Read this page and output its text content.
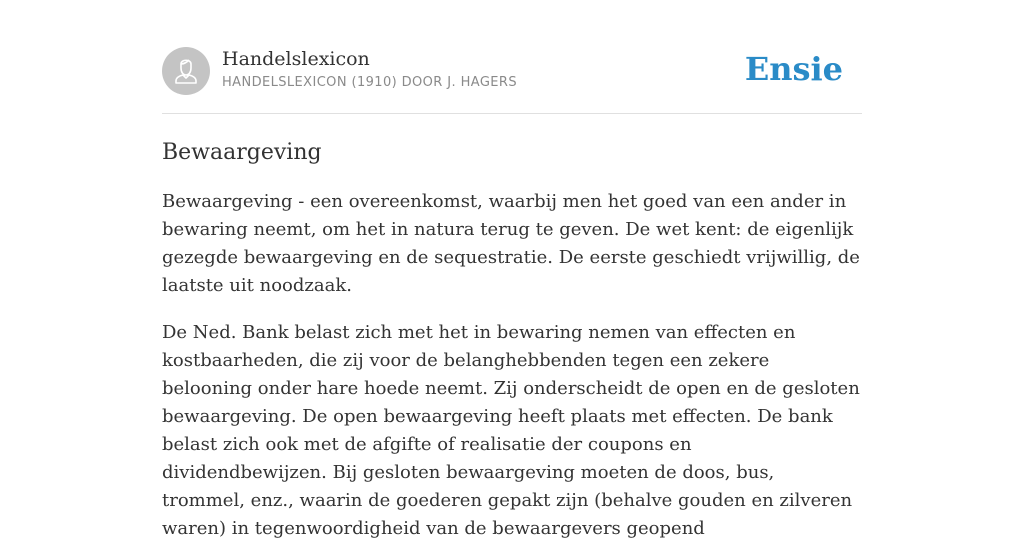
Handelslexicon
HANDELSLEXICON (1910) DOOR J. HAGERS	Ensie
Bewaargeving

Bewaargeving - een overeenkomst, waarbij men het goed van een ander in bewaring neemt, om het in natura terug te geven. De wet kent: de eigenlijk gezegde bewaargeving en de sequestratie. De eerste geschiedt vrijwillig, de laatste uit noodzaak.

De Ned. Bank belast zich met het in bewaring nemen van effecten en kostbaarheden, die zij voor de belanghebbenden tegen een zekere belooning onder hare hoede neemt. Zij onderscheidt de open en de gesloten bewaargeving. De open bewaargeving heeft plaats met effecten. De bank belast zich ook met de afgifte of realisatie der coupons en dividendbewijzen. Bij gesloten bewaargeving moeten de doos, bus, trommel, enz., waarin de goederen gepakt zijn (behalve gouden en zilveren waren) in tegenwoordigheid van de bewaargevers geopend
